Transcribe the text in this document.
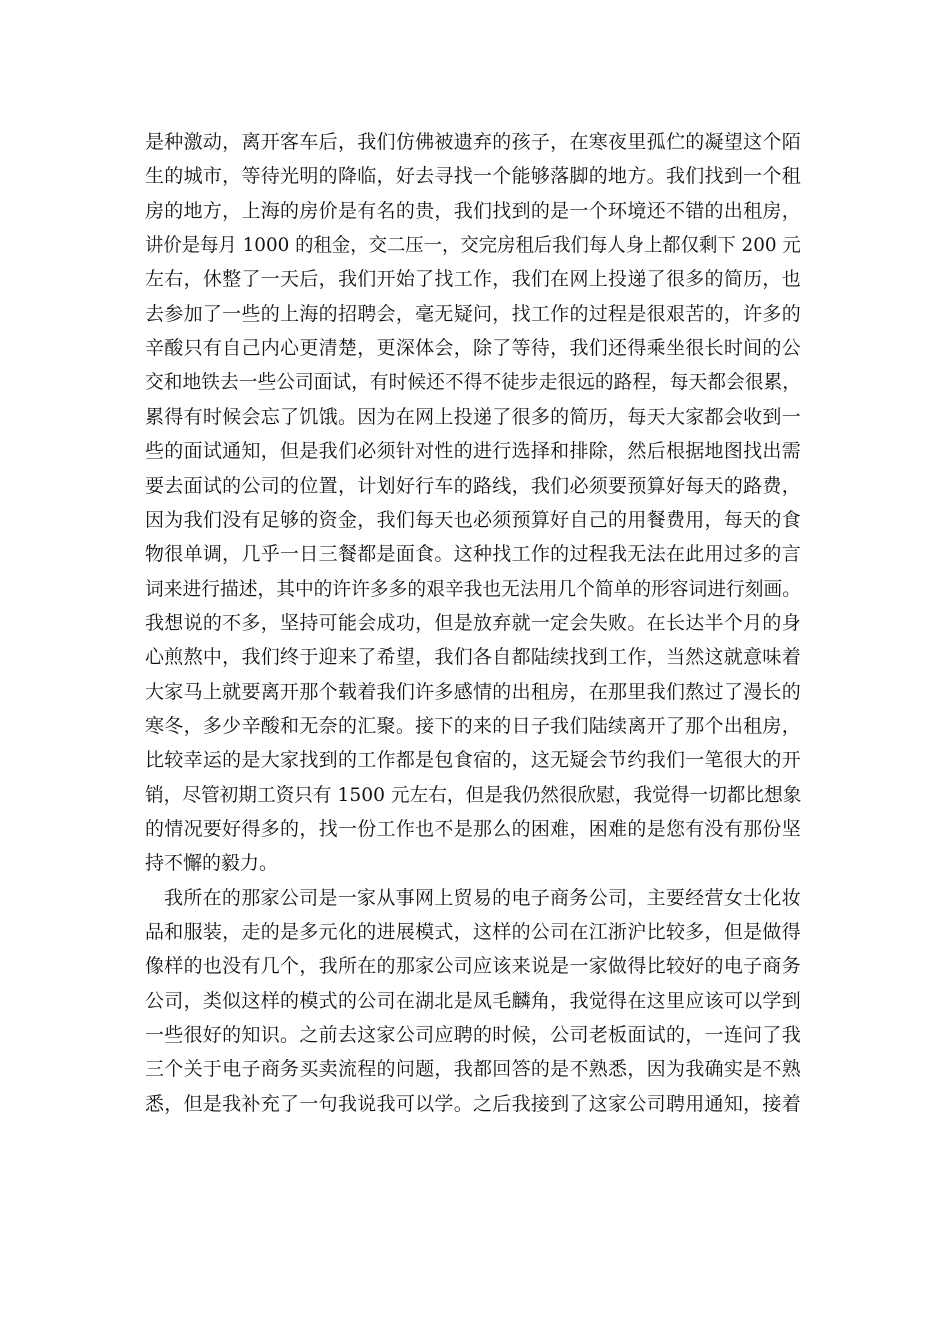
是种激动，离开客车后，我们仿佛被遗弃的孩子，在寒夜里孤伫的凝望这个陌
生的城市，等待光明的降临，好去寻找一个能够落脚的地方。我们找到一个租
房的地方，上海的房价是有名的贵，我们找到的是一个环境还不错的出租房，
讲价是每月 1000 的租金，交二压一，交完房租后我们每人身上都仅剩下 200 元
左右，休整了一天后，我们开始了找工作，我们在网上投递了很多的简历，也
去参加了一些的上海的招聘会，毫无疑问，找工作的过程是很艰苦的，许多的
辛酸只有自己内心更清楚，更深体会，除了等待，我们还得乘坐很长时间的公
交和地铁去一些公司面试，有时候还不得不徒步走很远的路程，每天都会很累，
累得有时候会忘了饥饿。因为在网上投递了很多的简历，每天大家都会收到一
些的面试通知，但是我们必须针对性的进行选择和排除，然后根据地图找出需
要去面试的公司的位置，计划好行车的路线，我们必须要预算好每天的路费，
因为我们没有足够的资金，我们每天也必须预算好自己的用餐费用，每天的食
物很单调，几乎一日三餐都是面食。这种找工作的过程我无法在此用过多的言
词来进行描述，其中的许许多多的艰辛我也无法用几个简单的形容词进行刻画。
我想说的不多，坚持可能会成功，但是放弃就一定会失败。在长达半个月的身
心煎熬中，我们终于迎来了希望，我们各自都陆续找到工作，当然这就意味着
大家马上就要离开那个载着我们许多感情的出租房，在那里我们熬过了漫长的
寒冬，多少辛酸和无奈的汇聚。接下的来的日子我们陆续离开了那个出租房，
比较幸运的是大家找到的工作都是包食宿的，这无疑会节约我们一笔很大的开
销，尽管初期工资只有 1500 元左右，但是我仍然很欣慰，我觉得一切都比想象
的情况要好得多的，找一份工作也不是那么的困难，困难的是您有没有那份坚
持不懈的毅力。
我所在的那家公司是一家从事网上贸易的电子商务公司，主要经营女士化妆
品和服装，走的是多元化的进展模式，这样的公司在江浙沪比较多，但是做得
像样的也没有几个，我所在的那家公司应该来说是一家做得比较好的电子商务
公司，类似这样的模式的公司在湖北是凤毛麟角，我觉得在这里应该可以学到
一些很好的知识。之前去这家公司应聘的时候，公司老板面试的，一连问了我
三个关于电子商务买卖流程的问题，我都回答的是不熟悉，因为我确实是不熟
悉，但是我补充了一句我说我可以学。之后我接到了这家公司聘用通知，接着
